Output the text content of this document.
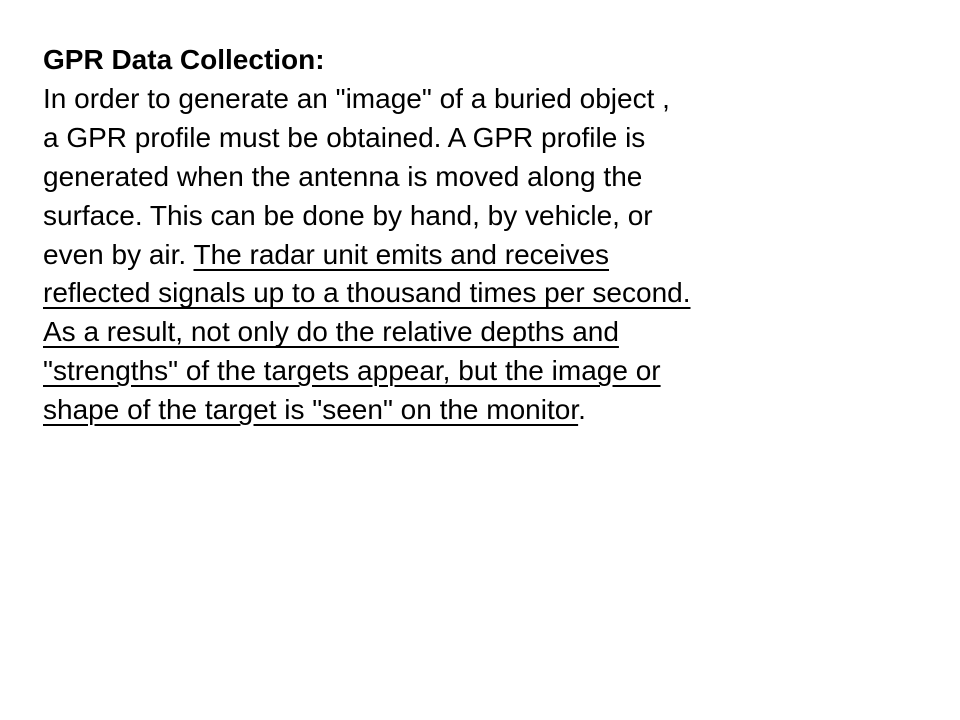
GPR Data Collection:
In order to generate an "image" of a buried object ,
a GPR profile must be obtained. A GPR profile is
generated when the antenna is moved along the
surface. This can be done by hand, by vehicle, or
even by air. The radar unit emits and receives
reflected signals up to a thousand times per second.
As a result, not only do the relative depths and
"strengths" of the targets appear, but the image or
shape of the target is "seen" on the monitor.
